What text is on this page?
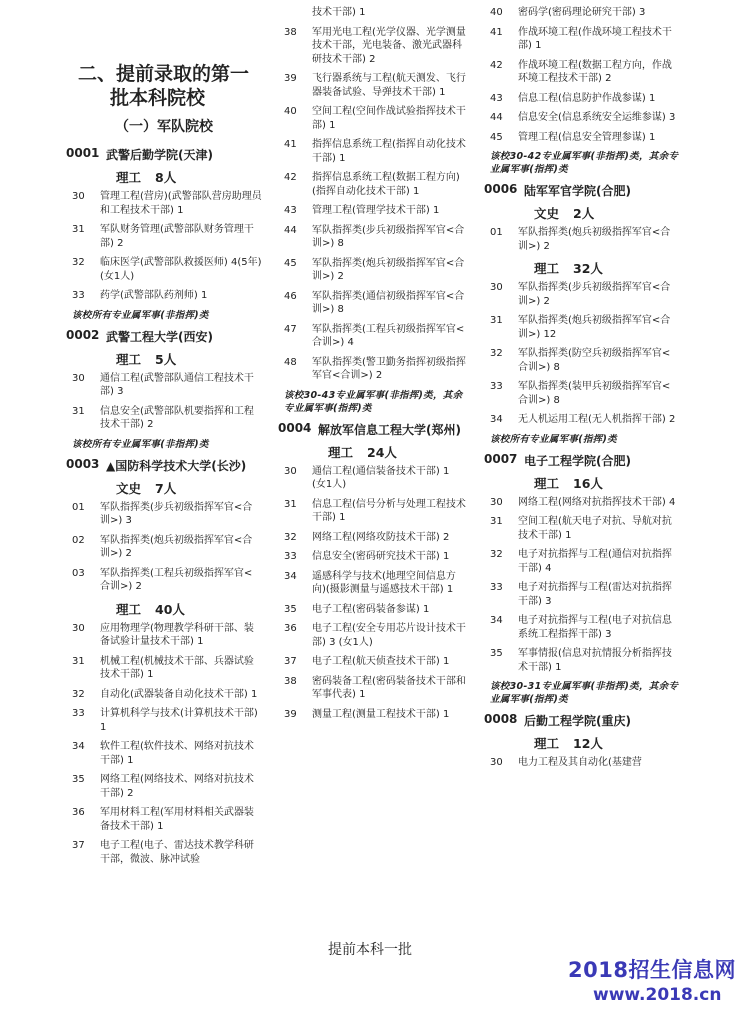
二、提前录取的第一
批本科院校
（一）军队院校
0001 武警后勤学院(天津)
理工 8人
30	管理工程(营房)(武警部队营房助理员和工程技术干部) 1
31	军队财务管理(武警部队财务管理干部) 2
32	临床医学(武警部队救援医师) 4(5年) (女1人)
33	药学(武警部队药剂师) 1
该校所有专业属军事(非指挥)类
0002 武警工程大学(西安)
理工 5人
30	通信工程(武警部队通信工程技术干部) 3
31	信息安全(武警部队机要指挥和工程技术干部) 2
该校所有专业属军事(非指挥)类
0003 ▲国防科学技术大学(长沙)
文史 7人
01	军队指挥类(步兵初级指挥军官<合训>) 3
02	军队指挥类(炮兵初级指挥军官<合训>) 2
03	军队指挥类(工程兵初级指挥军官<合训>) 2
理工 40人
30	应用物理学(物理教学科研干部、装备试验计量技术干部) 1
31	机械工程(机械技术干部、兵器试验技术干部) 1
32	自动化(武器装备自动化技术干部) 1
33	计算机科学与技术(计算机技术干部) 1
34	软件工程(软件技术、网络对抗技术干部) 1
35	网络工程(网络技术、网络对抗技术干部) 2
36	军用材料工程(军用材料相关武器装备技术干部) 1
37	电子工程(电子、雷达技术教学科研干部，微波、脉冲试验
技术干部) 1
38	军用光电工程(光学仪器、光学测量技术干部，光电装备、激光武器科研技术干部) 2
39	飞行器系统与工程(航天测发、飞行器装备试验、导弹技术干部) 1
40	空间工程(空间作战试验指挥技术干部) 1
41	指挥信息系统工程(指挥自动化技术干部) 1
42	指挥信息系统工程(数据工程方向)(指挥自动化技术干部) 1
43	管理工程(管理学技术干部) 1
44	军队指挥类(步兵初级指挥军官<合训>) 8
45	军队指挥类(炮兵初级指挥军官<合训>) 2
46	军队指挥类(通信初级指挥军官<合训>) 8
47	军队指挥类(工程兵初级指挥军官<合训>) 4
48	军队指挥类(警卫勤务指挥初级指挥军官<合训>) 2
该校30-43专业属军事(非指挥)类，其余专业属军事(指挥)类
0004 解放军信息工程大学(郑州)
理工 24人
30	通信工程(通信装备技术干部) 1 (女1人)
31	信息工程(信号分析与处理工程技术干部) 1
32	网络工程(网络攻防技术干部) 2
33	信息安全(密码研究技术干部) 1
34	遥感科学与技术(地理空间信息方向)(摄影测量与遥感技术干部) 1
35	电子工程(密码装备参谋) 1
36	电子工程(安全专用芯片设计技术干部) 3 (女1人)
37	电子工程(航天侦查技术干部) 1
38	密码装备工程(密码装备技术干部和军事代表) 1
39	测量工程(测量工程技术干部) 1
40	密码学(密码理论研究干部) 3
41	作战环境工程(作战环境工程技术干部) 1
42	作战环境工程(数据工程方向，作战环境工程技术干部) 2
43	信息工程(信息防护作战参谋) 1
44	信息安全(信息系统安全运维参谋) 3
45	管理工程(信息安全管理参谋) 1
该校30-42专业属军事(非指挥)类，其余专业属军事(指挥)类
0006 陆军军官学院(合肥)
文史 2人
01	军队指挥类(炮兵初级指挥军官<合训>) 2
理工 32人
30	军队指挥类(步兵初级指挥军官<合训>) 2
31	军队指挥类(炮兵初级指挥军官<合训>) 12
32	军队指挥类(防空兵初级指挥军官<合训>) 8
33	军队指挥类(装甲兵初级指挥军官<合训>) 8
34	无人机运用工程(无人机指挥干部) 2
该校所有专业属军事(指挥)类
0007 电子工程学院(合肥)
理工 16人
30	网络工程(网络对抗指挥技术干部) 4
31	空间工程(航天电子对抗、导航对抗技术干部) 1
32	电子对抗指挥与工程(通信对抗指挥干部) 4
33	电子对抗指挥与工程(雷达对抗指挥干部) 3
34	电子对抗指挥与工程(电子对抗信息系统工程指挥干部) 3
35	军事情报(信息对抗情报分析指挥技术干部) 1
该校30-31专业属军事(非指挥)类，其余专业属军事(指挥)类
0008 后勤工程学院(重庆)
理工 12人
30	电力工程及其自动化(基建营
提前本科一批
2018招生信息网
www.2018.cn
